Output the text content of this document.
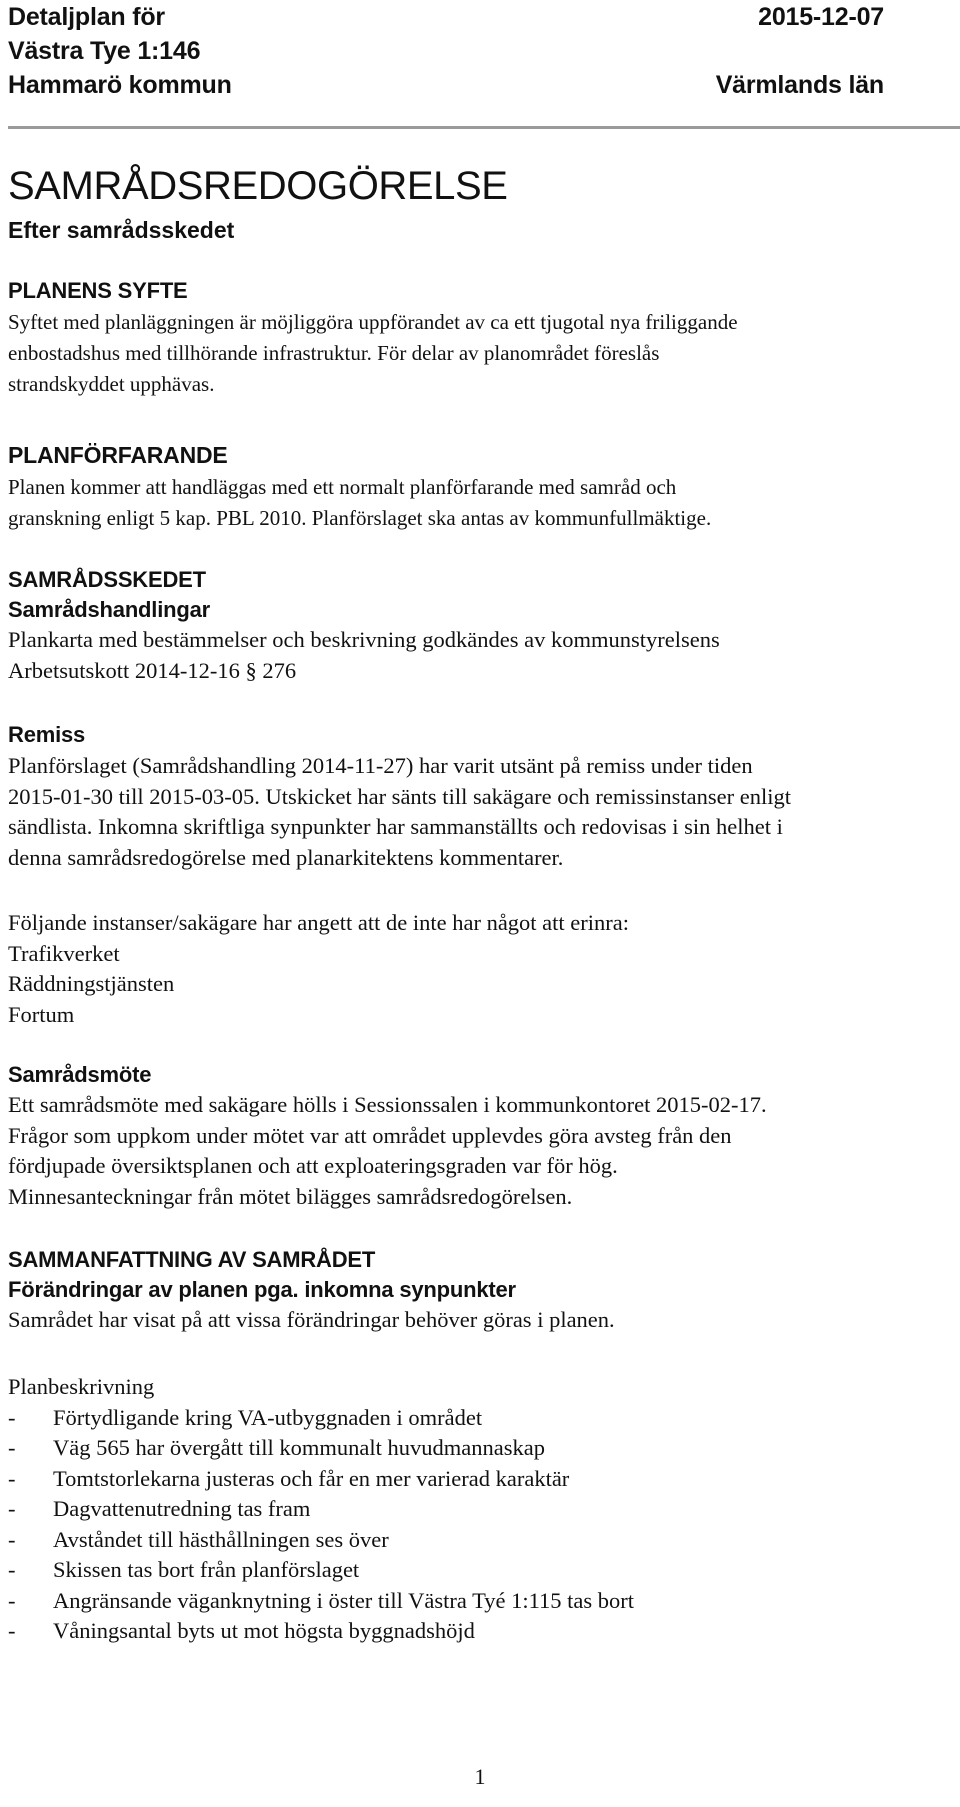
Detaljplan för
Västra Tye 1:146
Hammarö kommun
2015-12-07

Värmlands län
SAMRÅDSREDOGÖRELSE
Efter samrådsskedet
PLANENS SYFTE
Syftet med planläggningen är möjliggöra uppförandet av ca ett tjugotal nya friliggande
enbostadshus med tillhörande infrastruktur. För delar av planområdet föreslås
strandskyddet upphävas.
PLANFÖRFARANDE
Planen kommer att handläggas med ett normalt planförfarande med samråd och
granskning enligt 5 kap. PBL 2010. Planförslaget ska antas av kommunfullmäktige.
SAMRÅDSSKEDET
Samrådshandlingar
Plankarta med bestämmelser och beskrivning godkändes av kommunstyrelsens
Arbetsutskott 2014-12-16 § 276
Remiss
Planförslaget (Samrådshandling 2014-11-27) har varit utsänt på remiss under tiden
2015-01-30 till 2015-03-05. Utskicket har sänts till sakägare och remissinstanser enligt
sändlista. Inkomna skriftliga synpunkter har sammanställts och redovisas i sin helhet i
denna samrådsredogörelse med planarkitektens kommentarer.
Följande instanser/sakägare har angett att de inte har något att erinra:
Trafikverket
Räddningstjänsten
Fortum
Samrådsmöte
Ett samrådsmöte med sakägare hölls i Sessionssalen i kommunkontoret 2015-02-17.
Frågor som uppkom under mötet var att området upplevdes göra avsteg från den
fördjupade översiktsplanen och att exploateringsgraden var för hög.
Minnesanteckningar från mötet bilägges samrådsredogörelsen.
SAMMANFATTNING AV SAMRÅDET
Förändringar av planen pga. inkomna synpunkter
Samrådet har visat på att vissa förändringar behöver göras i planen.
Planbeskrivning
- Förtydligande kring VA-utbyggnaden i området
- Väg 565 har övergått till kommunalt huvudmannaskap
- Tomtstorlekarna justeras och får en mer varierad karaktär
- Dagvattenutredning tas fram
- Avståndet till hästhållningen ses över
- Skissen tas bort från planförslaget
- Angränsande väganknytning i öster till Västra Tyé 1:115 tas bort
- Våningsantal byts ut mot högsta byggnadshöjd
1
